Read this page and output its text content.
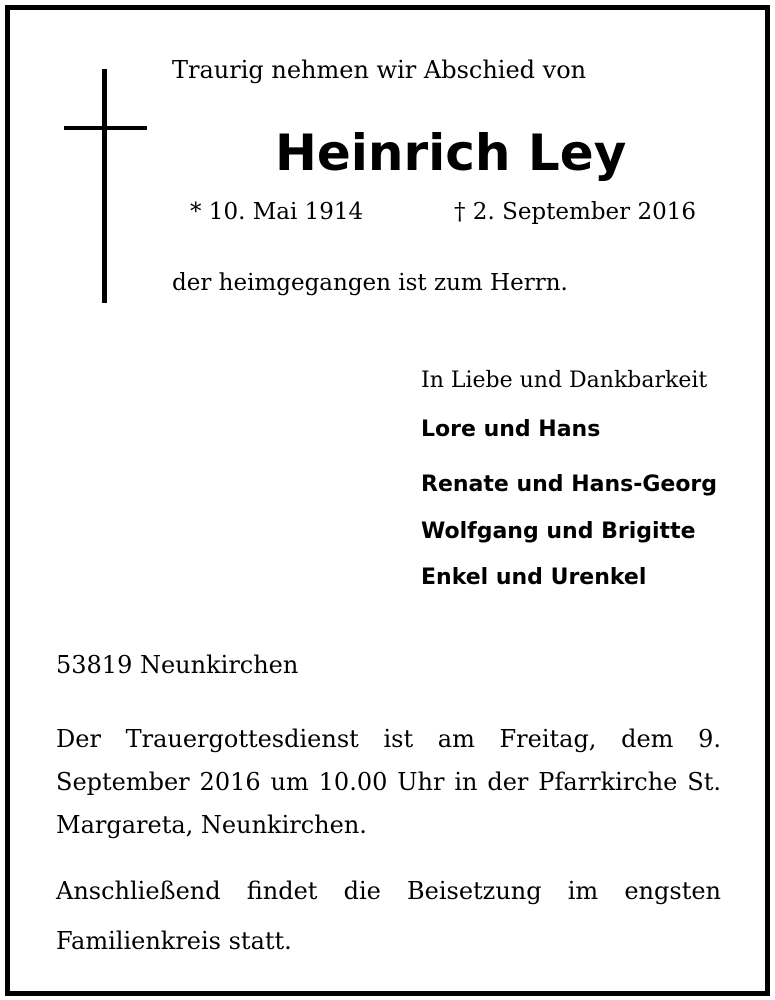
Traurig nehmen wir Abschied von
Heinrich Ley
* 10. Mai 1914	† 2. September 2016
der heimgegangen ist zum Herrn.
In Liebe und Dankbarkeit
Lore und Hans
Renate und Hans-Georg
Wolfgang und Brigitte
Enkel und Urenkel
53819 Neunkirchen

Der Trauergottesdienst ist am Freitag, dem 9. September 2016 um 10.00 Uhr in der Pfarrkirche St. Margareta, Neunkirchen.

Anschließend findet die Beisetzung im engsten Familienkreis statt.
